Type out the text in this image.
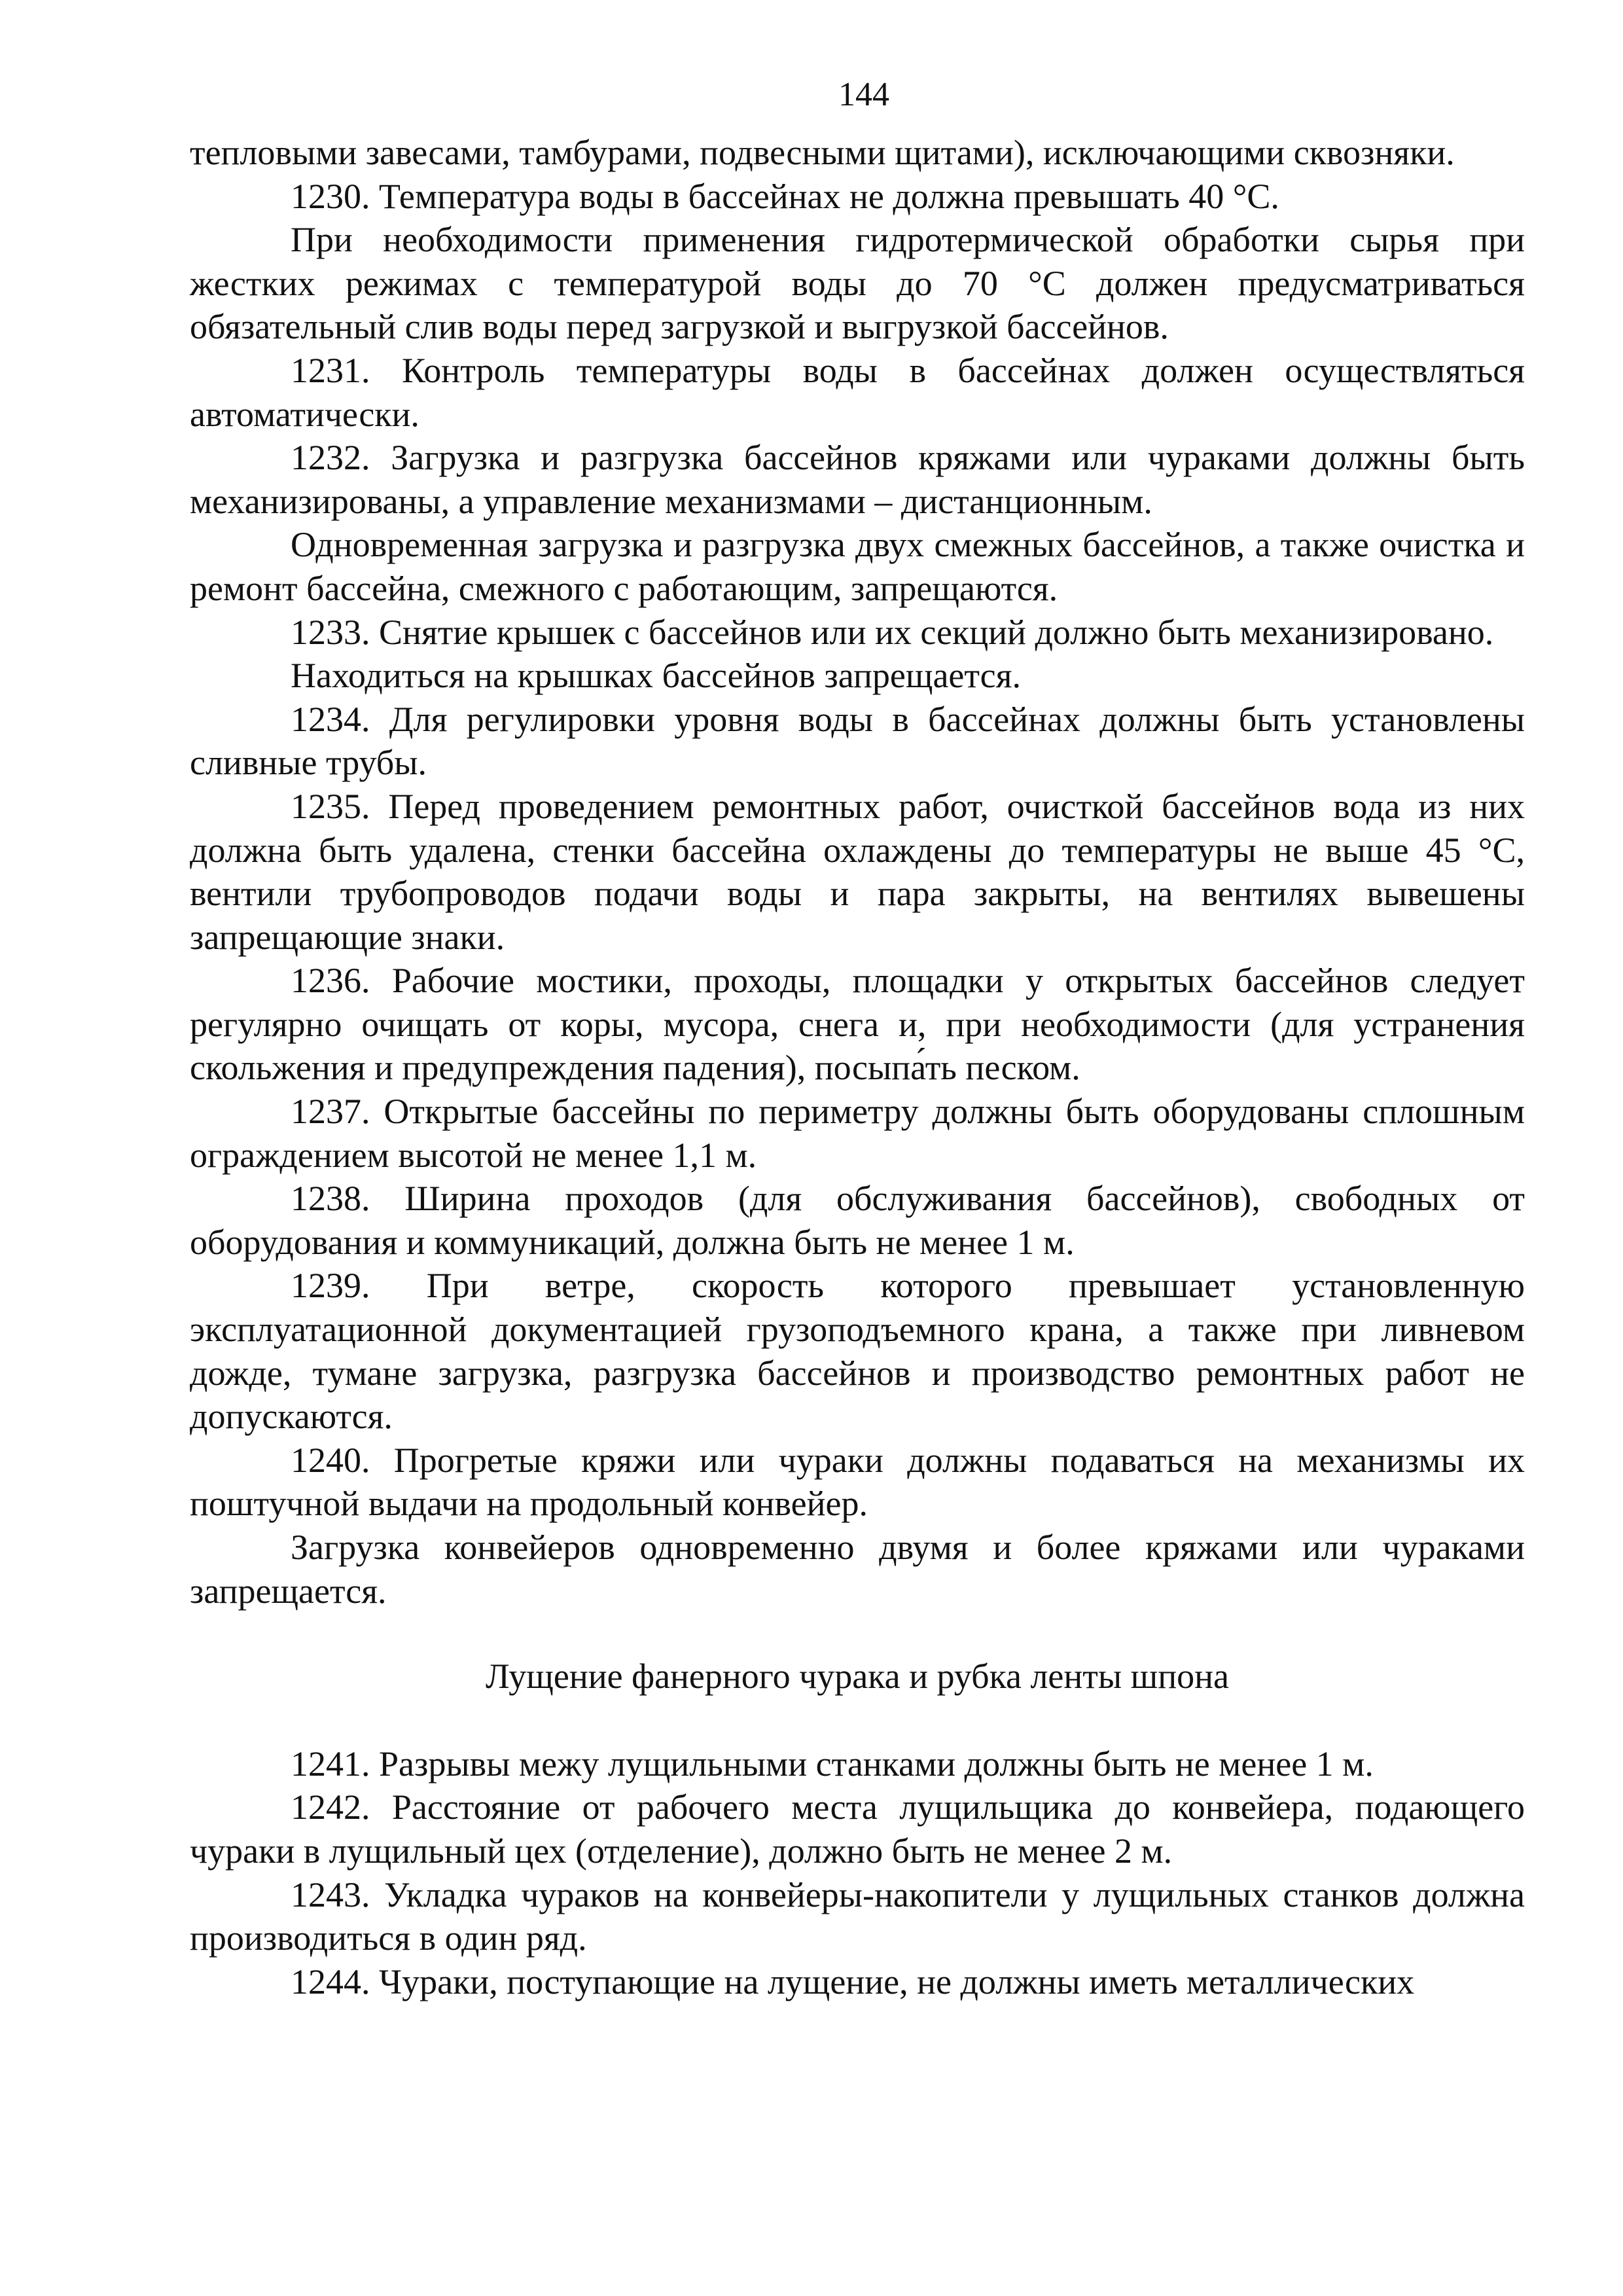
144

тепловыми завесами, тамбурами, подвесными щитами), исключающими сквозняки.

1230. Температура воды в бассейнах не должна превышать 40 °С.

При необходимости применения гидротермической обработки сырья при жестких режимах с температурой воды до 70 °С должен предусматриваться обязательный слив воды перед загрузкой и выгрузкой бассейнов.

1231. Контроль температуры воды в бассейнах должен осуществляться автоматически.

1232. Загрузка и разгрузка бассейнов кряжами или чураками должны быть механизированы, а управление механизмами – дистанционным.

Одновременная загрузка и разгрузка двух смежных бассейнов, а также очистка и ремонт бассейна, смежного с работающим, запрещаются.

1233. Снятие крышек с бассейнов или их секций должно быть механизировано.

Находиться на крышках бассейнов запрещается.

1234. Для регулировки уровня воды в бассейнах должны быть установлены сливные трубы.

1235. Перед проведением ремонтных работ, очисткой бассейнов вода из них должна быть удалена, стенки бассейна охлаждены до температуры не выше 45 °С, вентили трубопроводов подачи воды и пара закрыты, на вентилях вывешены запрещающие знаки.

1236. Рабочие мостики, проходы, площадки у открытых бассейнов следует регулярно очищать от коры, мусора, снега и, при необходимости (для устранения скольжения и предупреждения падения), посыпа́ть песком.

1237. Открытые бассейны по периметру должны быть оборудованы сплошным ограждением высотой не менее 1,1 м.

1238. Ширина проходов (для обслуживания бассейнов), свободных от оборудования и коммуникаций, должна быть не менее 1 м.

1239. При ветре, скорость которого превышает установленную эксплуатационной документацией грузоподъемного крана, а также при ливневом дожде, тумане загрузка, разгрузка бассейнов и производство ремонтных работ не допускаются.

1240. Прогретые кряжи или чураки должны подаваться на механизмы их поштучной выдачи на продольный конвейер.

Загрузка конвейеров одновременно двумя и более кряжами или чураками запрещается.

Лущение фанерного чурака и рубка ленты шпона

1241. Разрывы межу лущильными станками должны быть не менее 1 м.

1242. Расстояние от рабочего места лущильщика до конвейера, подающего чураки в лущильный цех (отделение), должно быть не менее 2 м.

1243. Укладка чураков на конвейеры-накопители у лущильных станков должна производиться в один ряд.

1244. Чураки, поступающие на лущение, не должны иметь металлических
